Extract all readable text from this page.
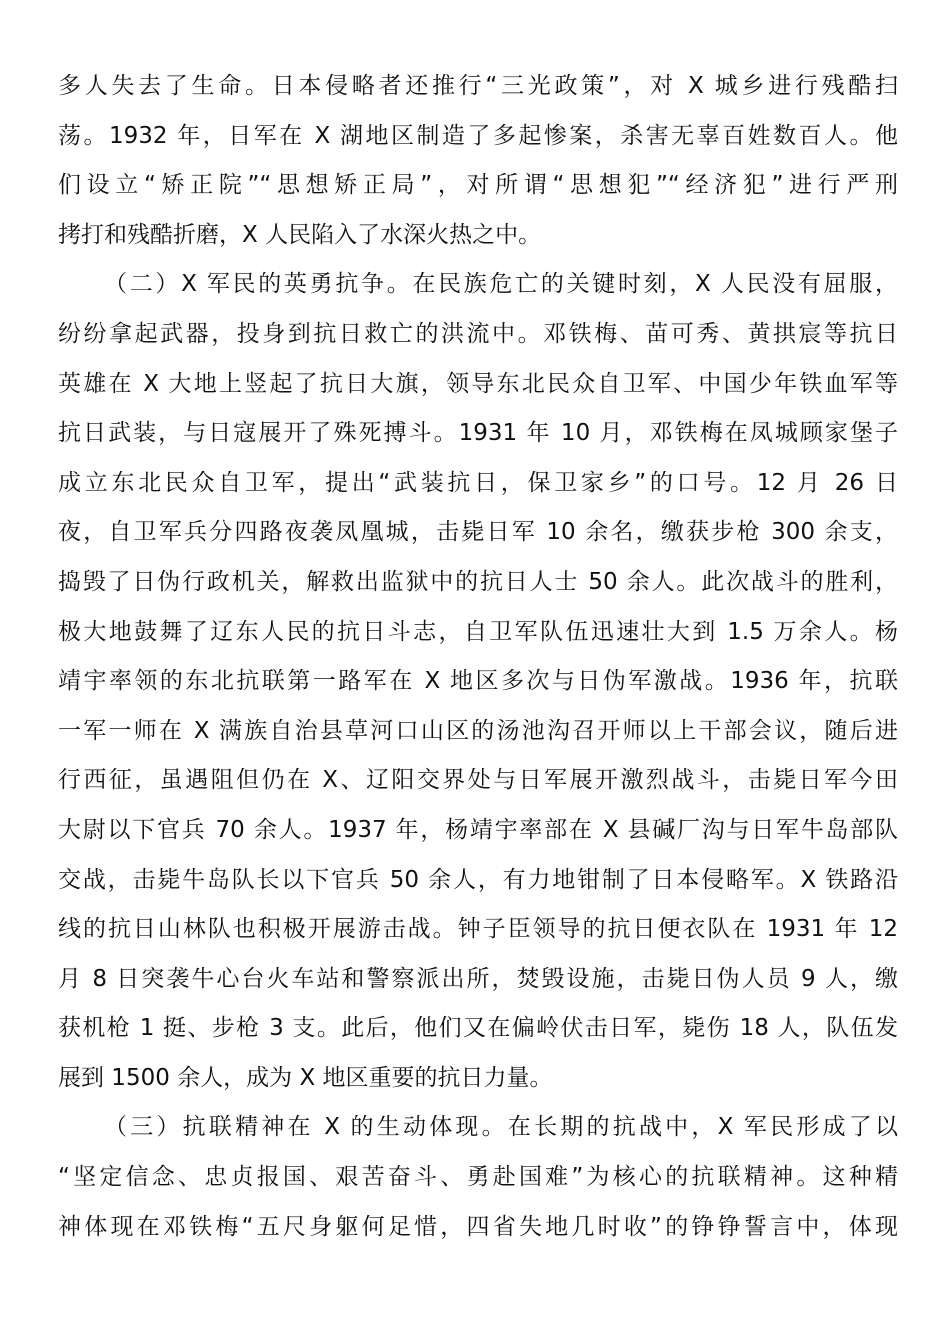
多人失去了生命。日本侵略者还推行“三光政策”，对 X 城乡进行残酷扫
荡。1932 年，日军在 X 湖地区制造了多起惨案，杀害无辜百姓数百人。他
们设立“矫正院”“思想矫正局”，对所谓“思想犯”“经济犯”进行严刑
拷打和残酷折磨，X 人民陷入了水深火热之中。
（二）X 军民的英勇抗争。在民族危亡的关键时刻，X 人民没有屈服，
纷纷拿起武器，投身到抗日救亡的洪流中。邓铁梅、苗可秀、黄拱宸等抗日
英雄在 X 大地上竖起了抗日大旗，领导东北民众自卫军、中国少年铁血军等
抗日武装，与日寇展开了殊死搏斗。1931 年 10 月，邓铁梅在凤城顾家堡子
成立东北民众自卫军，提出“武装抗日，保卫家乡”的口号。12 月 26 日
夜，自卫军兵分四路夜袭凤凰城，击毙日军 10 余名，缴获步枪 300 余支，
捣毁了日伪行政机关，解救出监狱中的抗日人士 50 余人。此次战斗的胜利，
极大地鼓舞了辽东人民的抗日斗志，自卫军队伍迅速壮大到 1.5 万余人。杨
靖宇率领的东北抗联第一路军在 X 地区多次与日伪军激战。1936 年，抗联
一军一师在 X 满族自治县草河口山区的汤池沟召开师以上干部会议，随后进
行西征，虽遇阻但仍在 X、辽阳交界处与日军展开激烈战斗，击毙日军今田
大尉以下官兵 70 余人。1937 年，杨靖宇率部在 X 县碱厂沟与日军牛岛部队
交战，击毙牛岛队长以下官兵 50 余人，有力地钳制了日本侵略军。X 铁路沿
线的抗日山林队也积极开展游击战。钟子臣领导的抗日便衣队在 1931 年 12
月 8 日突袭牛心台火车站和警察派出所，焚毁设施，击毙日伪人员 9 人，缴
获机枪 1 挺、步枪 3 支。此后，他们又在偏岭伏击日军，毙伤 18 人，队伍发
展到 1500 余人，成为 X 地区重要的抗日力量。
（三）抗联精神在 X 的生动体现。在长期的抗战中，X 军民形成了以
“坚定信念、忠贞报国、艰苦奋斗、勇赴国难”为核心的抗联精神。这种精
神体现在邓铁梅“五尺身躯何足惜，四省失地几时收”的铮铮誓言中，体现
